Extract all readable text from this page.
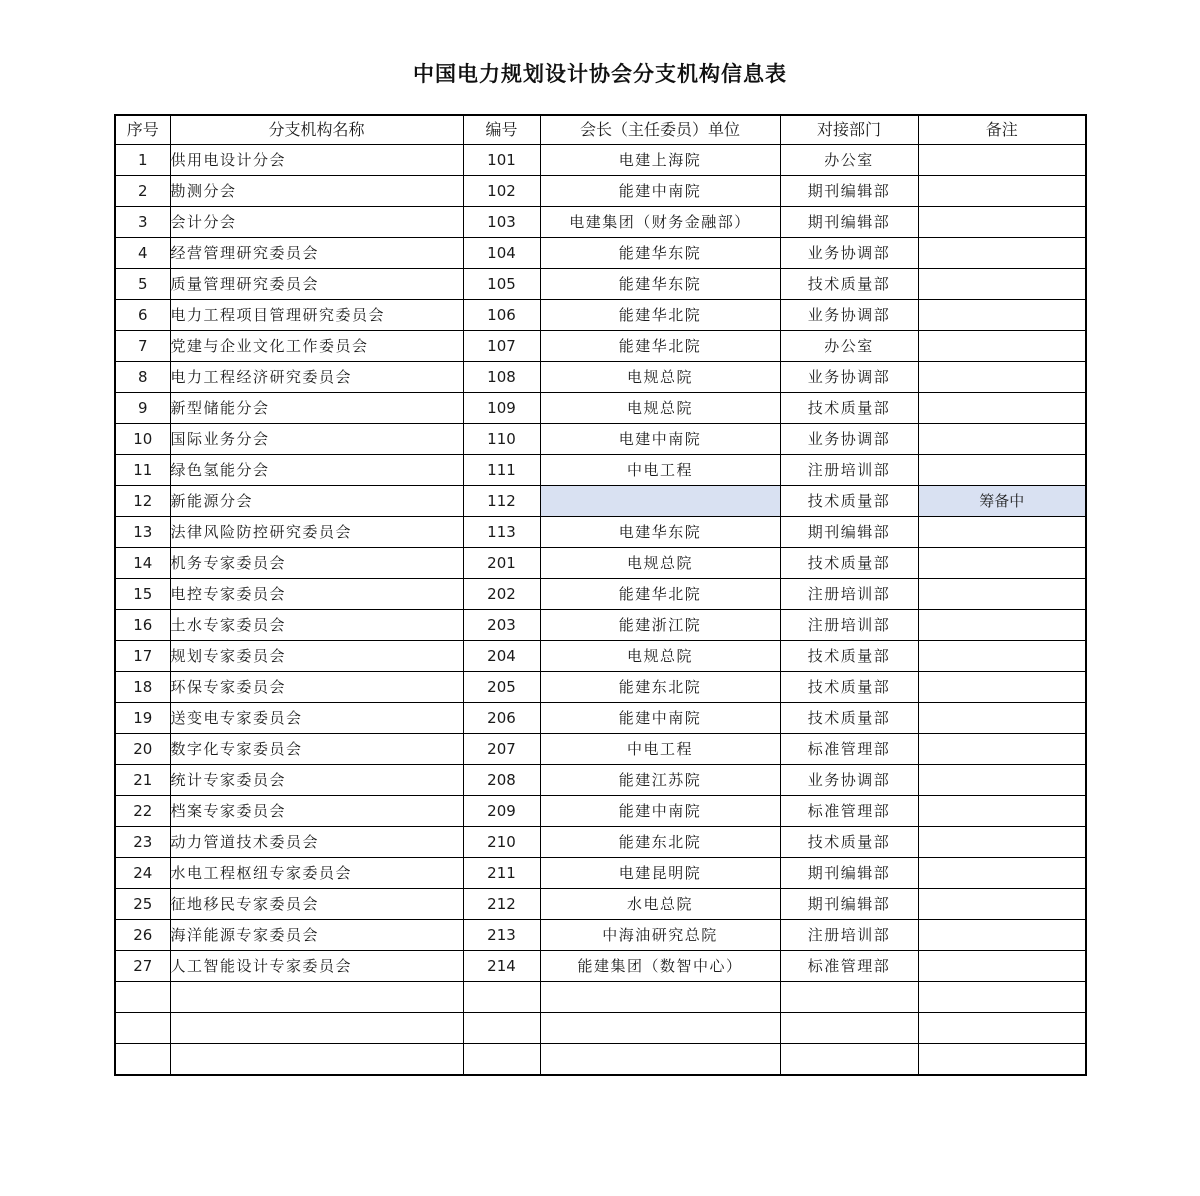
中国电力规划设计协会分支机构信息表
序号	分支机构名称	编号	会长（主任委员）单位	对接部门	备注
1	供用电设计分会	101	电建上海院	办公室	
2	勘测分会	102	能建中南院	期刊编辑部	
3	会计分会	103	电建集团（财务金融部）	期刊编辑部	
4	经营管理研究委员会	104	能建华东院	业务协调部	
5	质量管理研究委员会	105	能建华东院	技术质量部	
6	电力工程项目管理研究委员会	106	能建华北院	业务协调部	
7	党建与企业文化工作委员会	107	能建华北院	办公室	
8	电力工程经济研究委员会	108	电规总院	业务协调部	
9	新型储能分会	109	电规总院	技术质量部	
10	国际业务分会	110	电建中南院	业务协调部	
11	绿色氢能分会	111	中电工程	注册培训部	
12	新能源分会	112		技术质量部	筹备中
13	法律风险防控研究委员会	113	电建华东院	期刊编辑部	
14	机务专家委员会	201	电规总院	技术质量部	
15	电控专家委员会	202	能建华北院	注册培训部	
16	土水专家委员会	203	能建浙江院	注册培训部	
17	规划专家委员会	204	电规总院	技术质量部	
18	环保专家委员会	205	能建东北院	技术质量部	
19	送变电专家委员会	206	能建中南院	技术质量部	
20	数字化专家委员会	207	中电工程	标准管理部	
21	统计专家委员会	208	能建江苏院	业务协调部	
22	档案专家委员会	209	能建中南院	标准管理部	
23	动力管道技术委员会	210	能建东北院	技术质量部	
24	水电工程枢纽专家委员会	211	电建昆明院	期刊编辑部	
25	征地移民专家委员会	212	水电总院	期刊编辑部	
26	海洋能源专家委员会	213	中海油研究总院	注册培训部	
27	人工智能设计专家委员会	214	能建集团（数智中心）	标准管理部	
